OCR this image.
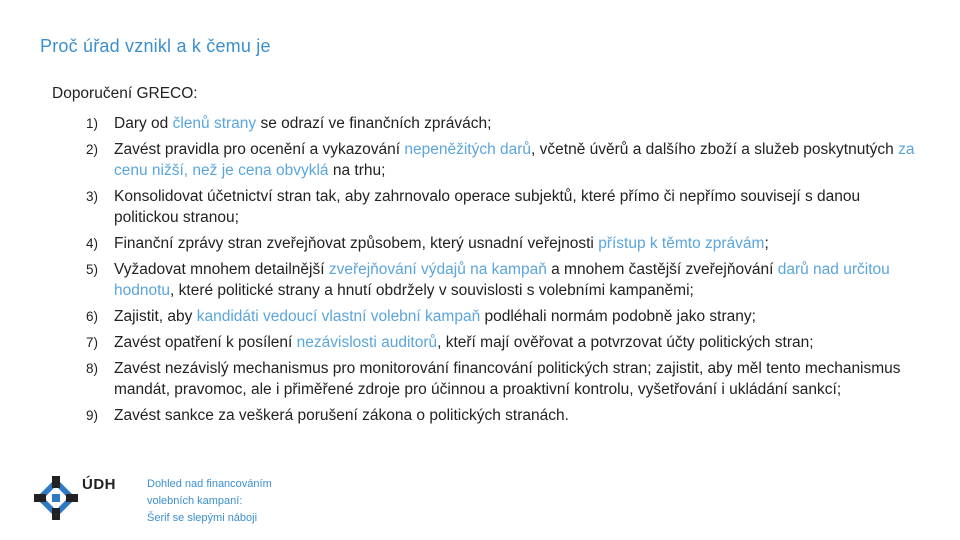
Proč úřad vznikl a k čemu je
Doporučení GRECO:
1) Dary od členů strany se odrazí ve finančních zprávách;
2) Zavést pravidla pro ocenění a vykazování nepeněžitých darů, včetně úvěrů a dalšího zboží a služeb poskytnutých za cenu nižší, než je cena obvyklá na trhu;
3) Konsolidovat účetnictví stran tak, aby zahrnovalo operace subjektů, které přímo či nepřímo souvisejí s danou politickou stranou;
4) Finanční zprávy stran zveřejňovat způsobem, který usnadní veřejnosti přístup k těmto zprávám;
5) Vyžadovat mnohem detailnější zveřejňování výdajů na kampaň a mnohem častější zveřejňování darů nad určitou hodnotu, které politické strany a hnutí obdržely v souvislosti s volebními kampaněmi;
6) Zajistit, aby kandidáti vedoucí vlastní volební kampaň podléhali normám podobně jako strany;
7) Zavést opatření k posílení nezávislosti auditorů, kteří mají ověřovat a potvrzovat účty politických stran;
8) Zavést nezávislý mechanismus pro monitorování financování politických stran; zajistit, aby měl tento mechanismus mandát, pravomoc, ale i přiměřené zdroje pro účinnou a proaktivní kontrolu, vyšetřování i ukládání sankcí;
9) Zavést sankce za veškerá porušení zákona o politických stranách.
ÚDH	Dohled nad financováním
volebních kampaní:
Šerif se slepými náboji
